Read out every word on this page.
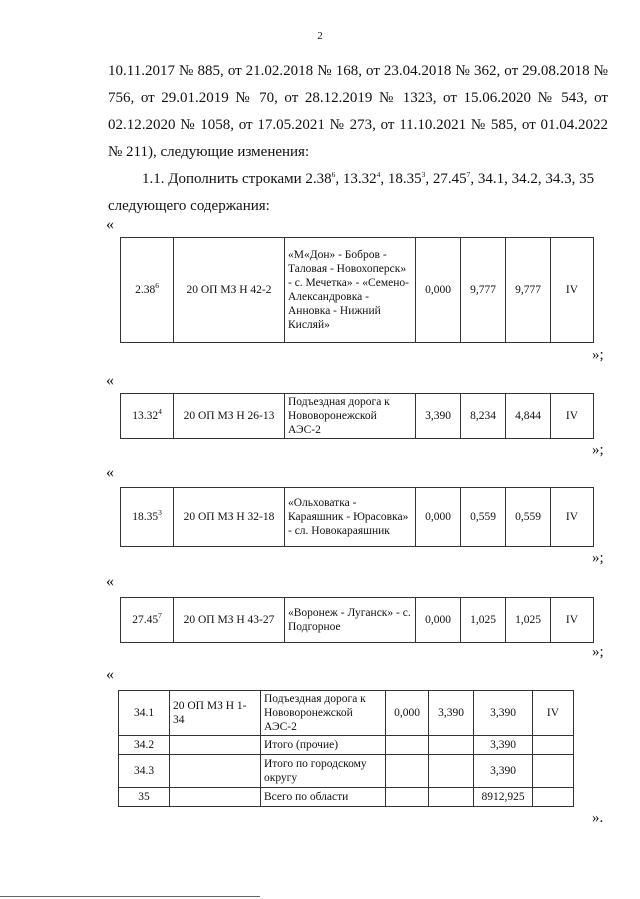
2
10.11.2017 № 885, от 21.02.2018 № 168, от 23.04.2018 № 362, от 29.08.2018 № 756, от 29.01.2019 № 70, от 28.12.2019 № 1323, от 15.06.2020 № 543, от 02.12.2020 № 1058, от 17.05.2021 № 273, от 11.10.2021 № 585, от 01.04.2022 № 211), следующие изменения:
1.1. Дополнить строками 2.38$^6$, 13.32$^4$, 18.35$^3$, 27.45$^7$, 34.1, 34.2, 34.3, 35
следующего содержания:
«
2.38$^6$	20 ОП МЗ Н 42-2	«М«Дон» - Бобров - Таловая - Новохоперск» - с. Мечетка» - «Семено-Александровка - Анновка - Нижний Кисляй»	0,000	9,777	9,777	IV
»;
«
13.32$^4$	20 ОП МЗ Н 26-13	Подъездная дорога к Нововоронежской АЭС-2	3,390	8,234	4,844	IV
»;
«
18.35$^3$	20 ОП МЗ Н 32-18	«Ольховатка - Караяшник - Юрасовка» - сл. Новокараяшник	0,000	0,559	0,559	IV
»;
«
27.45$^7$	20 ОП МЗ Н 43-27	«Воронеж - Луганск» - с. Подгорное	0,000	1,025	1,025	IV
»;
«
34.1	20 ОП МЗ Н 1-34	Подъездная дорога к Нововоронежской АЭС-2	0,000	3,390	3,390	IV
34.2		Итого (прочие)			3,390	
34.3		Итого по городскому округу			3,390	
35		Всего по области			8912,925	
».
